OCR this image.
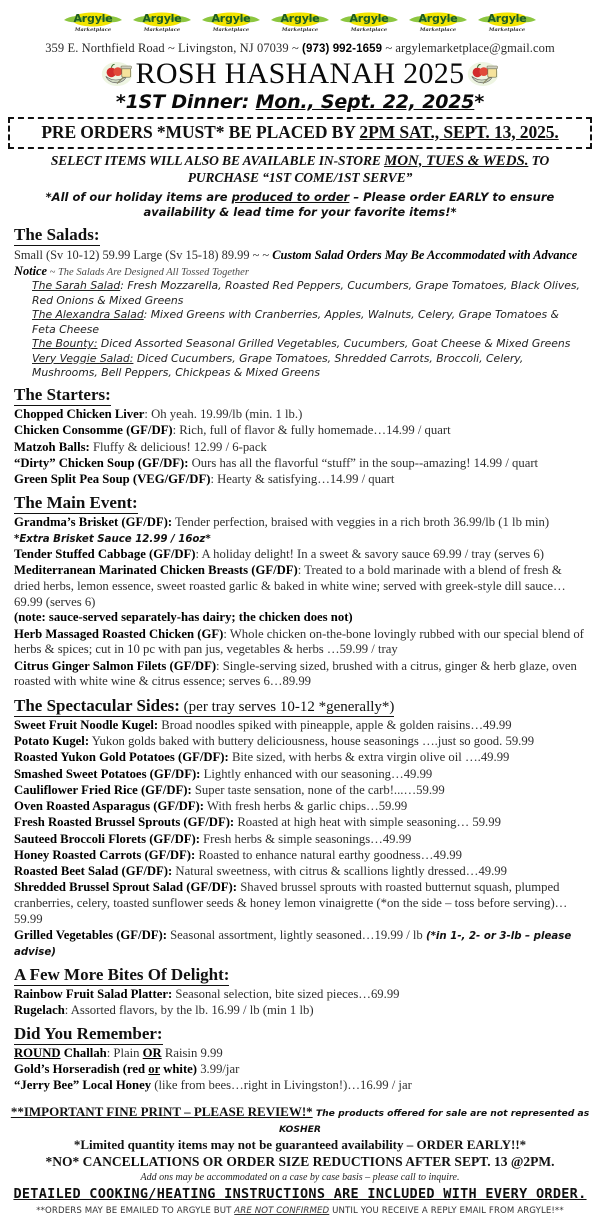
Argyle
Marketplace
Argyle
Marketplace
Argyle
Marketplace
Argyle
Marketplace
Argyle
Marketplace
Argyle
Marketplace
Argyle
Marketplace
359 E. Northfield Road ~ Livingston, NJ 07039 ~ (973) 992-1659 ~ argylemarketplace@gmail.com
ROSH HASHANAH 2025
*1ST Dinner: Mon., Sept. 22, 2025*
PRE ORDERS *MUST* BE PLACED BY 2PM SAT., SEPT. 13, 2025.
SELECT ITEMS WILL ALSO BE AVAILABLE IN-STORE MON, TUES & WEDS. TO
PURCHASE “1ST COME/1ST SERVE”
*All of our holiday items are produced to order – Please order EARLY to ensure availability & lead time for your favorite items!*
The Salads:
Small (Sv 10-12) 59.99 Large (Sv 15-18) 89.99 ~ ~ Custom Salad Orders May Be Accommodated with Advance Notice ~ The Salads Are Designed All Tossed Together
The Sarah Salad: Fresh Mozzarella, Roasted Red Peppers, Cucumbers, Grape Tomatoes, Black Olives, Red Onions & Mixed Greens
The Alexandra Salad: Mixed Greens with Cranberries, Apples, Walnuts, Celery, Grape Tomatoes & Feta Cheese
The Bounty: Diced Assorted Seasonal Grilled Vegetables, Cucumbers, Goat Cheese & Mixed Greens
Very Veggie Salad: Diced Cucumbers, Grape Tomatoes, Shredded Carrots, Broccoli, Celery, Mushrooms, Bell Peppers, Chickpeas & Mixed Greens
The Starters:
Chopped Chicken Liver: Oh yeah. 19.99/lb (min. 1 lb.)
Chicken Consomme (GF/DF): Rich, full of flavor & fully homemade…14.99 / quart
Matzoh Balls: Fluffy & delicious! 12.99 / 6-pack
“Dirty” Chicken Soup (GF/DF): Ours has all the flavorful “stuff” in the soup--amazing! 14.99 / quart
Green Split Pea Soup (VEG/GF/DF): Hearty & satisfying…14.99 / quart
The Main Event:
Grandma’s Brisket (GF/DF): Tender perfection, braised with veggies in a rich broth 36.99/lb (1 lb min) *Extra Brisket Sauce 12.99 / 16oz*
Tender Stuffed Cabbage (GF/DF): A holiday delight! In a sweet & savory sauce 69.99 / tray (serves 6)
Mediterranean Marinated Chicken Breasts (GF/DF): Treated to a bold marinade with a blend of fresh & dried herbs, lemon essence, sweet roasted garlic & baked in white wine; served with greek-style dill sauce…69.99 (serves 6)
(note: sauce-served separately-has dairy; the chicken does not)
Herb Massaged Roasted Chicken (GF): Whole chicken on-the-bone lovingly rubbed with our special blend of herbs & spices; cut in 10 pc with pan jus, vegetables & herbs …59.99 / tray
Citrus Ginger Salmon Filets (GF/DF): Single-serving sized, brushed with a citrus, ginger & herb glaze, oven roasted with white wine & citrus essence; serves 6…89.99
The Spectacular Sides: (per tray serves 10-12 *generally*)
Sweet Fruit Noodle Kugel: Broad noodles spiked with pineapple, apple & golden raisins…49.99
Potato Kugel: Yukon golds baked with buttery deliciousness, house seasonings ….just so good. 59.99
Roasted Yukon Gold Potatoes (GF/DF): Bite sized, with herbs & extra virgin olive oil ….49.99
Smashed Sweet Potatoes (GF/DF): Lightly enhanced with our seasoning…49.99
Cauliflower Fried Rice (GF/DF): Super taste sensation, none of the carb!...…59.99
Oven Roasted Asparagus (GF/DF): With fresh herbs & garlic chips…59.99
Fresh Roasted Brussel Sprouts (GF/DF): Roasted at high heat with simple seasoning… 59.99
Sauteed Broccoli Florets (GF/DF): Fresh herbs & simple seasonings…49.99
Honey Roasted Carrots (GF/DF): Roasted to enhance natural earthy goodness…49.99
Roasted Beet Salad (GF/DF): Natural sweetness, with citrus & scallions lightly dressed…49.99
Shredded Brussel Sprout Salad (GF/DF): Shaved brussel sprouts with roasted butternut squash, plumped cranberries, celery, toasted sunflower seeds & honey lemon vinaigrette (*on the side – toss before serving)…59.99
Grilled Vegetables (GF/DF): Seasonal assortment, lightly seasoned…19.99 / lb (*in 1-, 2- or 3-lb – please advise)
A Few More Bites Of Delight:
Rainbow Fruit Salad Platter: Seasonal selection, bite sized pieces…69.99
Rugelach: Assorted flavors, by the lb. 16.99 / lb (min 1 lb)
Did You Remember:
ROUND Challah: Plain OR Raisin 9.99
Gold’s Horseradish (red or white) 3.99/jar
“Jerry Bee” Local Honey (like from bees…right in Livingston!)…16.99 / jar
**IMPORTANT FINE PRINT – PLEASE REVIEW!* The products offered for sale are not represented as KOSHER
*Limited quantity items may not be guaranteed availability – ORDER EARLY!!*
*NO* CANCELLATIONS OR ORDER SIZE REDUCTIONS AFTER SEPT. 13 @2PM.
Add ons may be accommodated on a case by case basis – please call to inquire.
DETAILED COOKING/HEATING INSTRUCTIONS ARE INCLUDED WITH EVERY ORDER.
**ORDERS MAY BE EMAILED TO ARGYLE BUT ARE NOT CONFIRMED UNTIL YOU RECEIVE A REPLY EMAIL FROM ARGYLE!**
